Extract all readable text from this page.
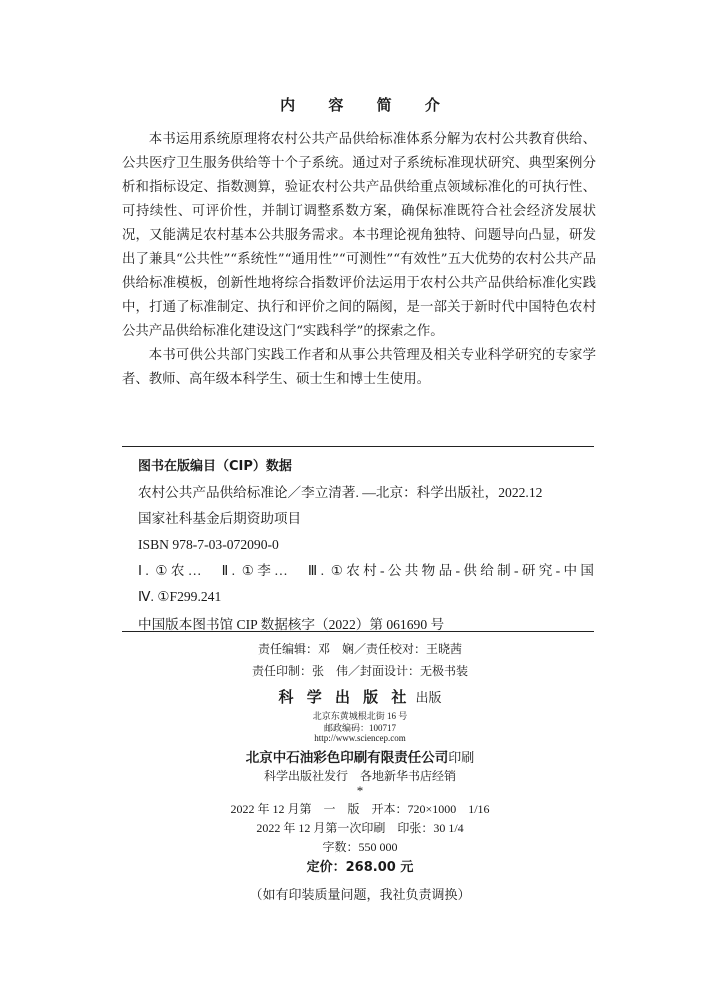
内 容 简 介

本书运用系统原理将农村公共产品供给标准体系分解为农村公共教育供给、公共医疗卫生服务供给等十个子系统。通过对子系统标准现状研究、典型案例分析和指标设定、指数测算，验证农村公共产品供给重点领域标准化的可执行性、可持续性、可评价性，并制订调整系数方案，确保标准既符合社会经济发展状况，又能满足农村基本公共服务需求。本书理论视角独特、问题导向凸显，研发出了兼具“公共性”“系统性”“通用性”“可测性”“有效性”五大优势的农村公共产品供给标准模板，创新性地将综合指数评价法运用于农村公共产品供给标准化实践中，打通了标准制定、执行和评价之间的隔阂，是一部关于新时代中国特色农村公共产品供给标准化建设这门“实践科学”的探索之作。

本书可供公共部门实践工作者和从事公共管理及相关专业科学研究的专家学者、教师、高年级本科学生、硕士生和博士生使用。

图书在版编目（CIP）数据
农村公共产品供给标准论／李立清著. —北京：科学出版社，2022.12
国家社科基金后期资助项目
ISBN 978-7-03-072090-0
Ⅰ. ①农…　Ⅱ. ①李…　Ⅲ. ①农村-公共物品-供给制-研究-中国
Ⅳ. ①F299.241
中国版本图书馆 CIP 数据核字（2022）第 061690 号
责任编辑：邓　娴／责任校对：王晓茜
责任印制：张　伟／封面设计：无极书装
科 学 出 版 社 出版
北京东黄城根北街 16 号
邮政编码：100717
http://www.sciencep.com
北京中石油彩色印刷有限责任公司印刷
科学出版社发行　各地新华书店经销
*
2022 年 12 月第　一　版　开本：720×1000　1/16
2022 年 12 月第一次印刷　印张：30 1/4
字数：550 000
定价：268.00 元
（如有印装质量问题，我社负责调换）
